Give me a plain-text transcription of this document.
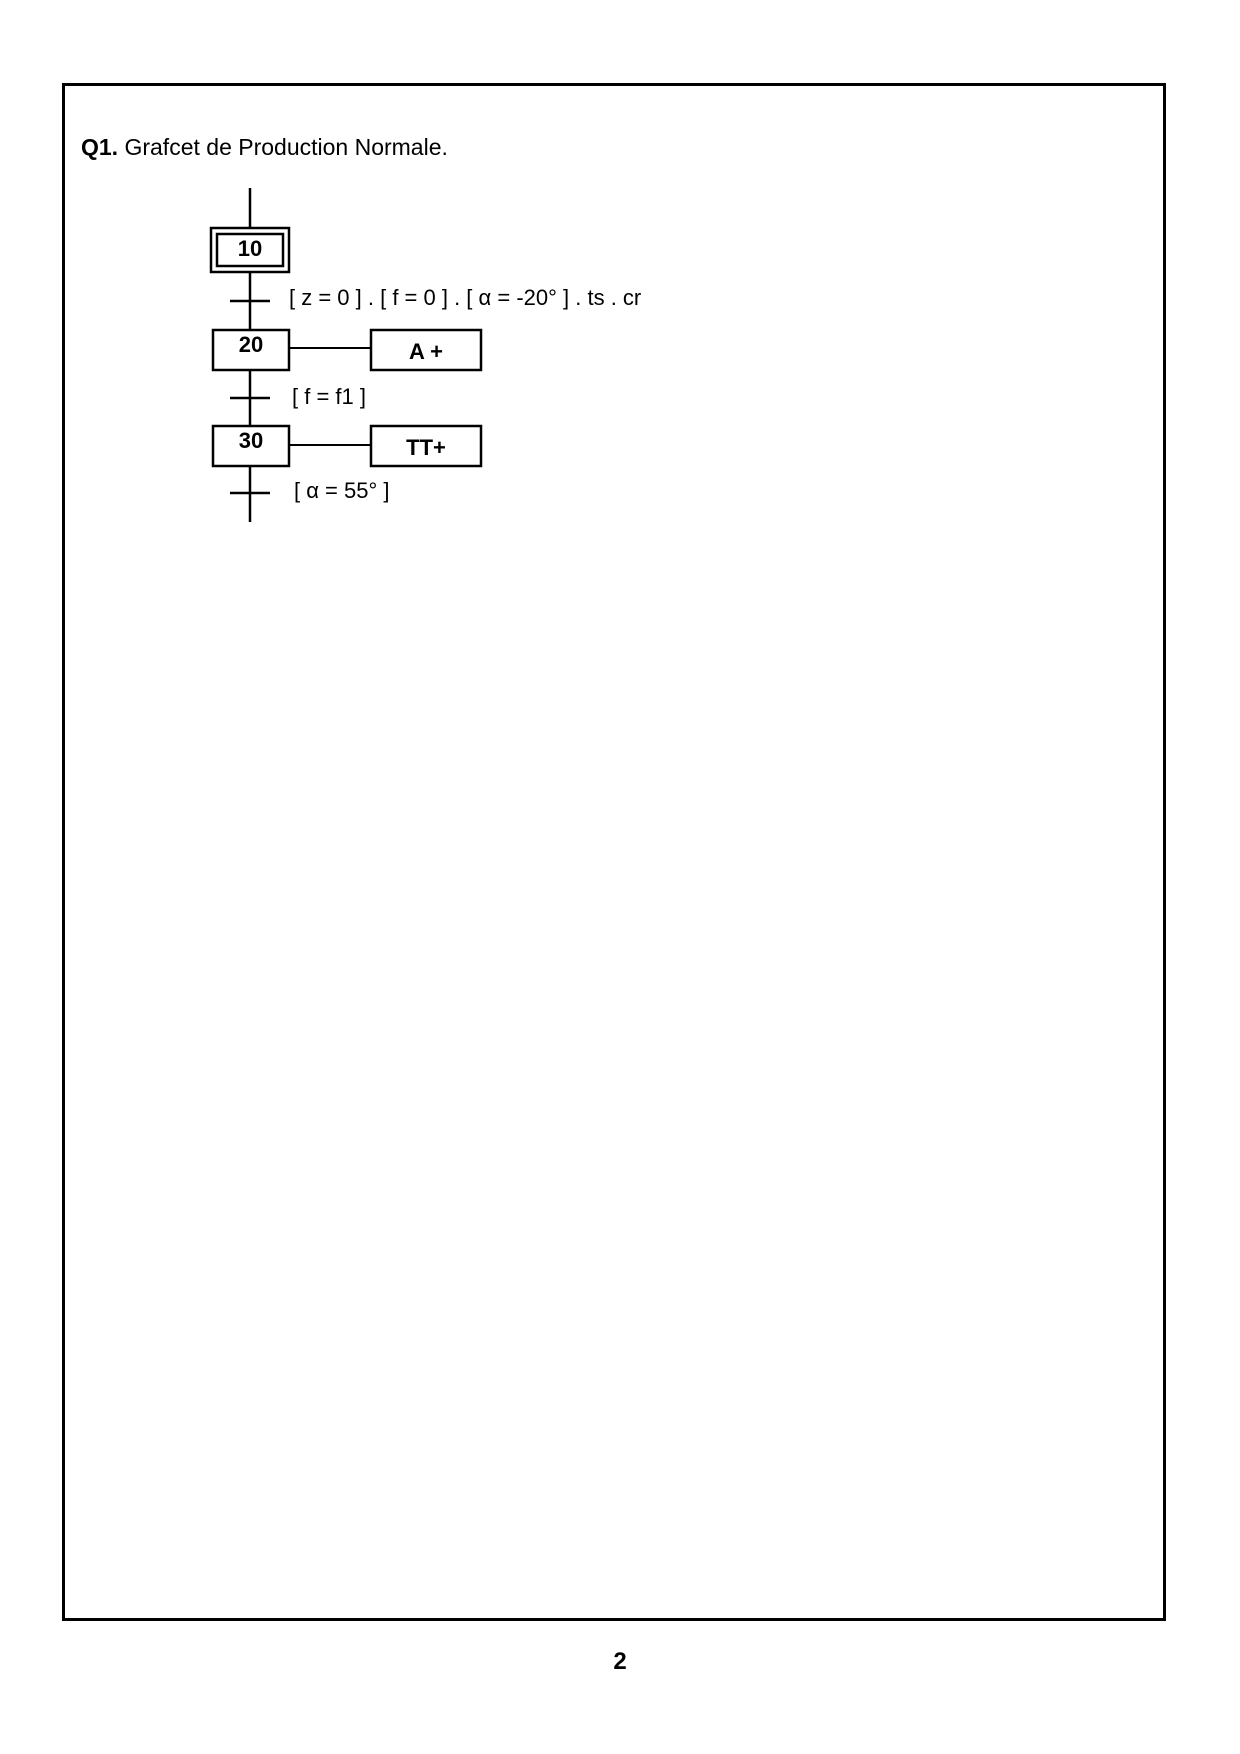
Q1. Grafcet de Production Normale.
10
[ z = 0 ] . [ f = 0 ] . [ α = -20° ] . ts . cr
20	A +
[ f = f1 ]
30	TT+
[ α = 55° ]
2
